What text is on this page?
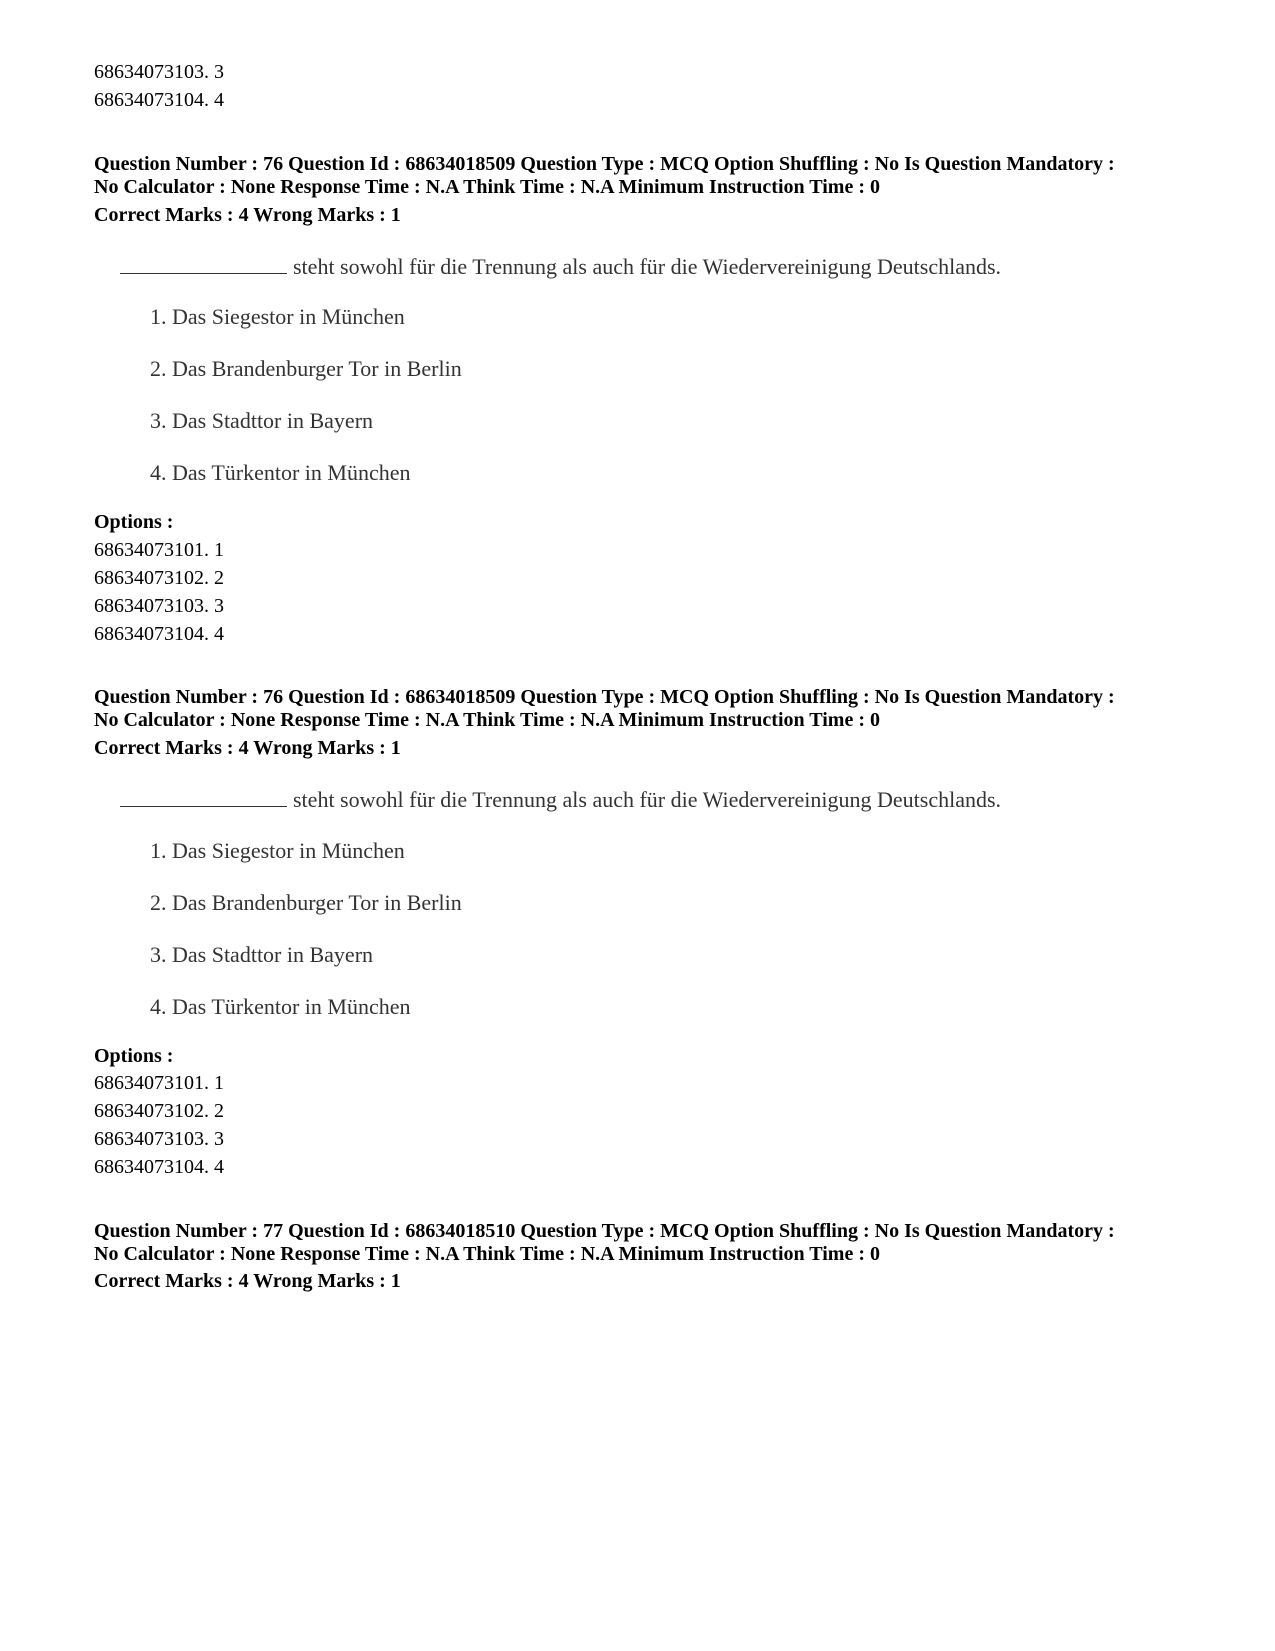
68634073103. 3
68634073104. 4
Question Number : 76 Question Id : 68634018509 Question Type : MCQ Option Shuffling : No Is Question Mandatory :
No Calculator : None Response Time : N.A Think Time : N.A Minimum Instruction Time : 0
Correct Marks : 4 Wrong Marks : 1
steht sowohl für die Trennung als auch für die Wiedervereinigung Deutschlands.
1. Das Siegestor in München
2. Das Brandenburger Tor in Berlin
3. Das Stadttor in Bayern
4. Das Türkentor in München
Options :
68634073101. 1
68634073102. 2
68634073103. 3
68634073104. 4
Question Number : 76 Question Id : 68634018509 Question Type : MCQ Option Shuffling : No Is Question Mandatory :
No Calculator : None Response Time : N.A Think Time : N.A Minimum Instruction Time : 0
Correct Marks : 4 Wrong Marks : 1
steht sowohl für die Trennung als auch für die Wiedervereinigung Deutschlands.
1. Das Siegestor in München
2. Das Brandenburger Tor in Berlin
3. Das Stadttor in Bayern
4. Das Türkentor in München
Options :
68634073101. 1
68634073102. 2
68634073103. 3
68634073104. 4
Question Number : 77 Question Id : 68634018510 Question Type : MCQ Option Shuffling : No Is Question Mandatory :
No Calculator : None Response Time : N.A Think Time : N.A Minimum Instruction Time : 0
Correct Marks : 4 Wrong Marks : 1
